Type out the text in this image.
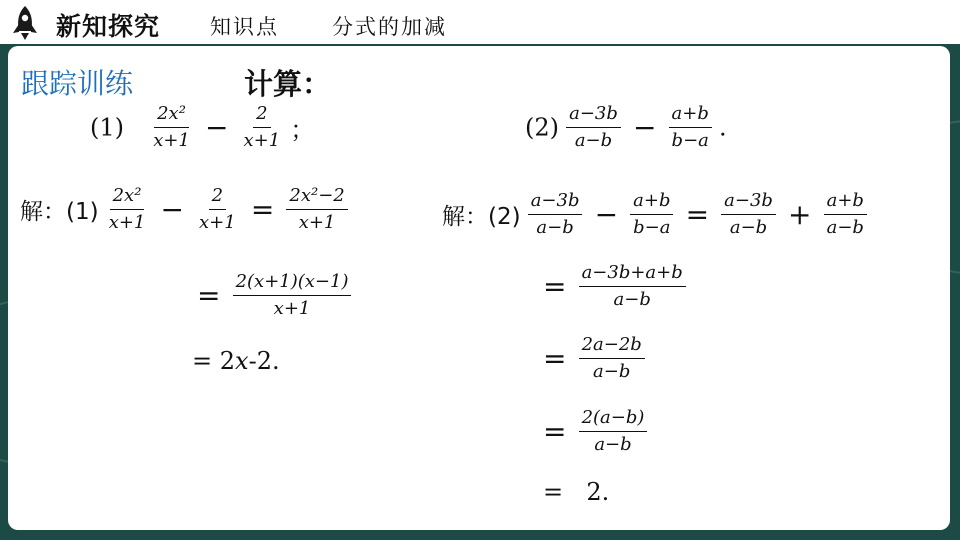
新知探究 知识点	分式的加减
跟踪训练	计算：
$(1) \frac{\text{2x²}}{x+1} - \frac{2}{x+1}$ ；	$(2) \frac{a-3b}{a-b} - \frac{a+b}{b-a}$ .
解：$(1) \frac{\text{2x²}}{x+1} - \frac{2}{x+1} = \frac{\text{2x²−2}}{x+1}$
= $\frac{2(x+1)(x-1)}{x+1}$
= 2x-2.
解：$(2) \frac{a-3b}{a-b} - \frac{a+b}{b-a} = \frac{a-3b}{a-b} + \frac{a+b}{a-b}$
= $\frac{a-3b+a+b}{a-b}$
= $\frac{2a-2b}{a-b}$
= $\frac{2(a-b)}{a-b}$
= 2.
